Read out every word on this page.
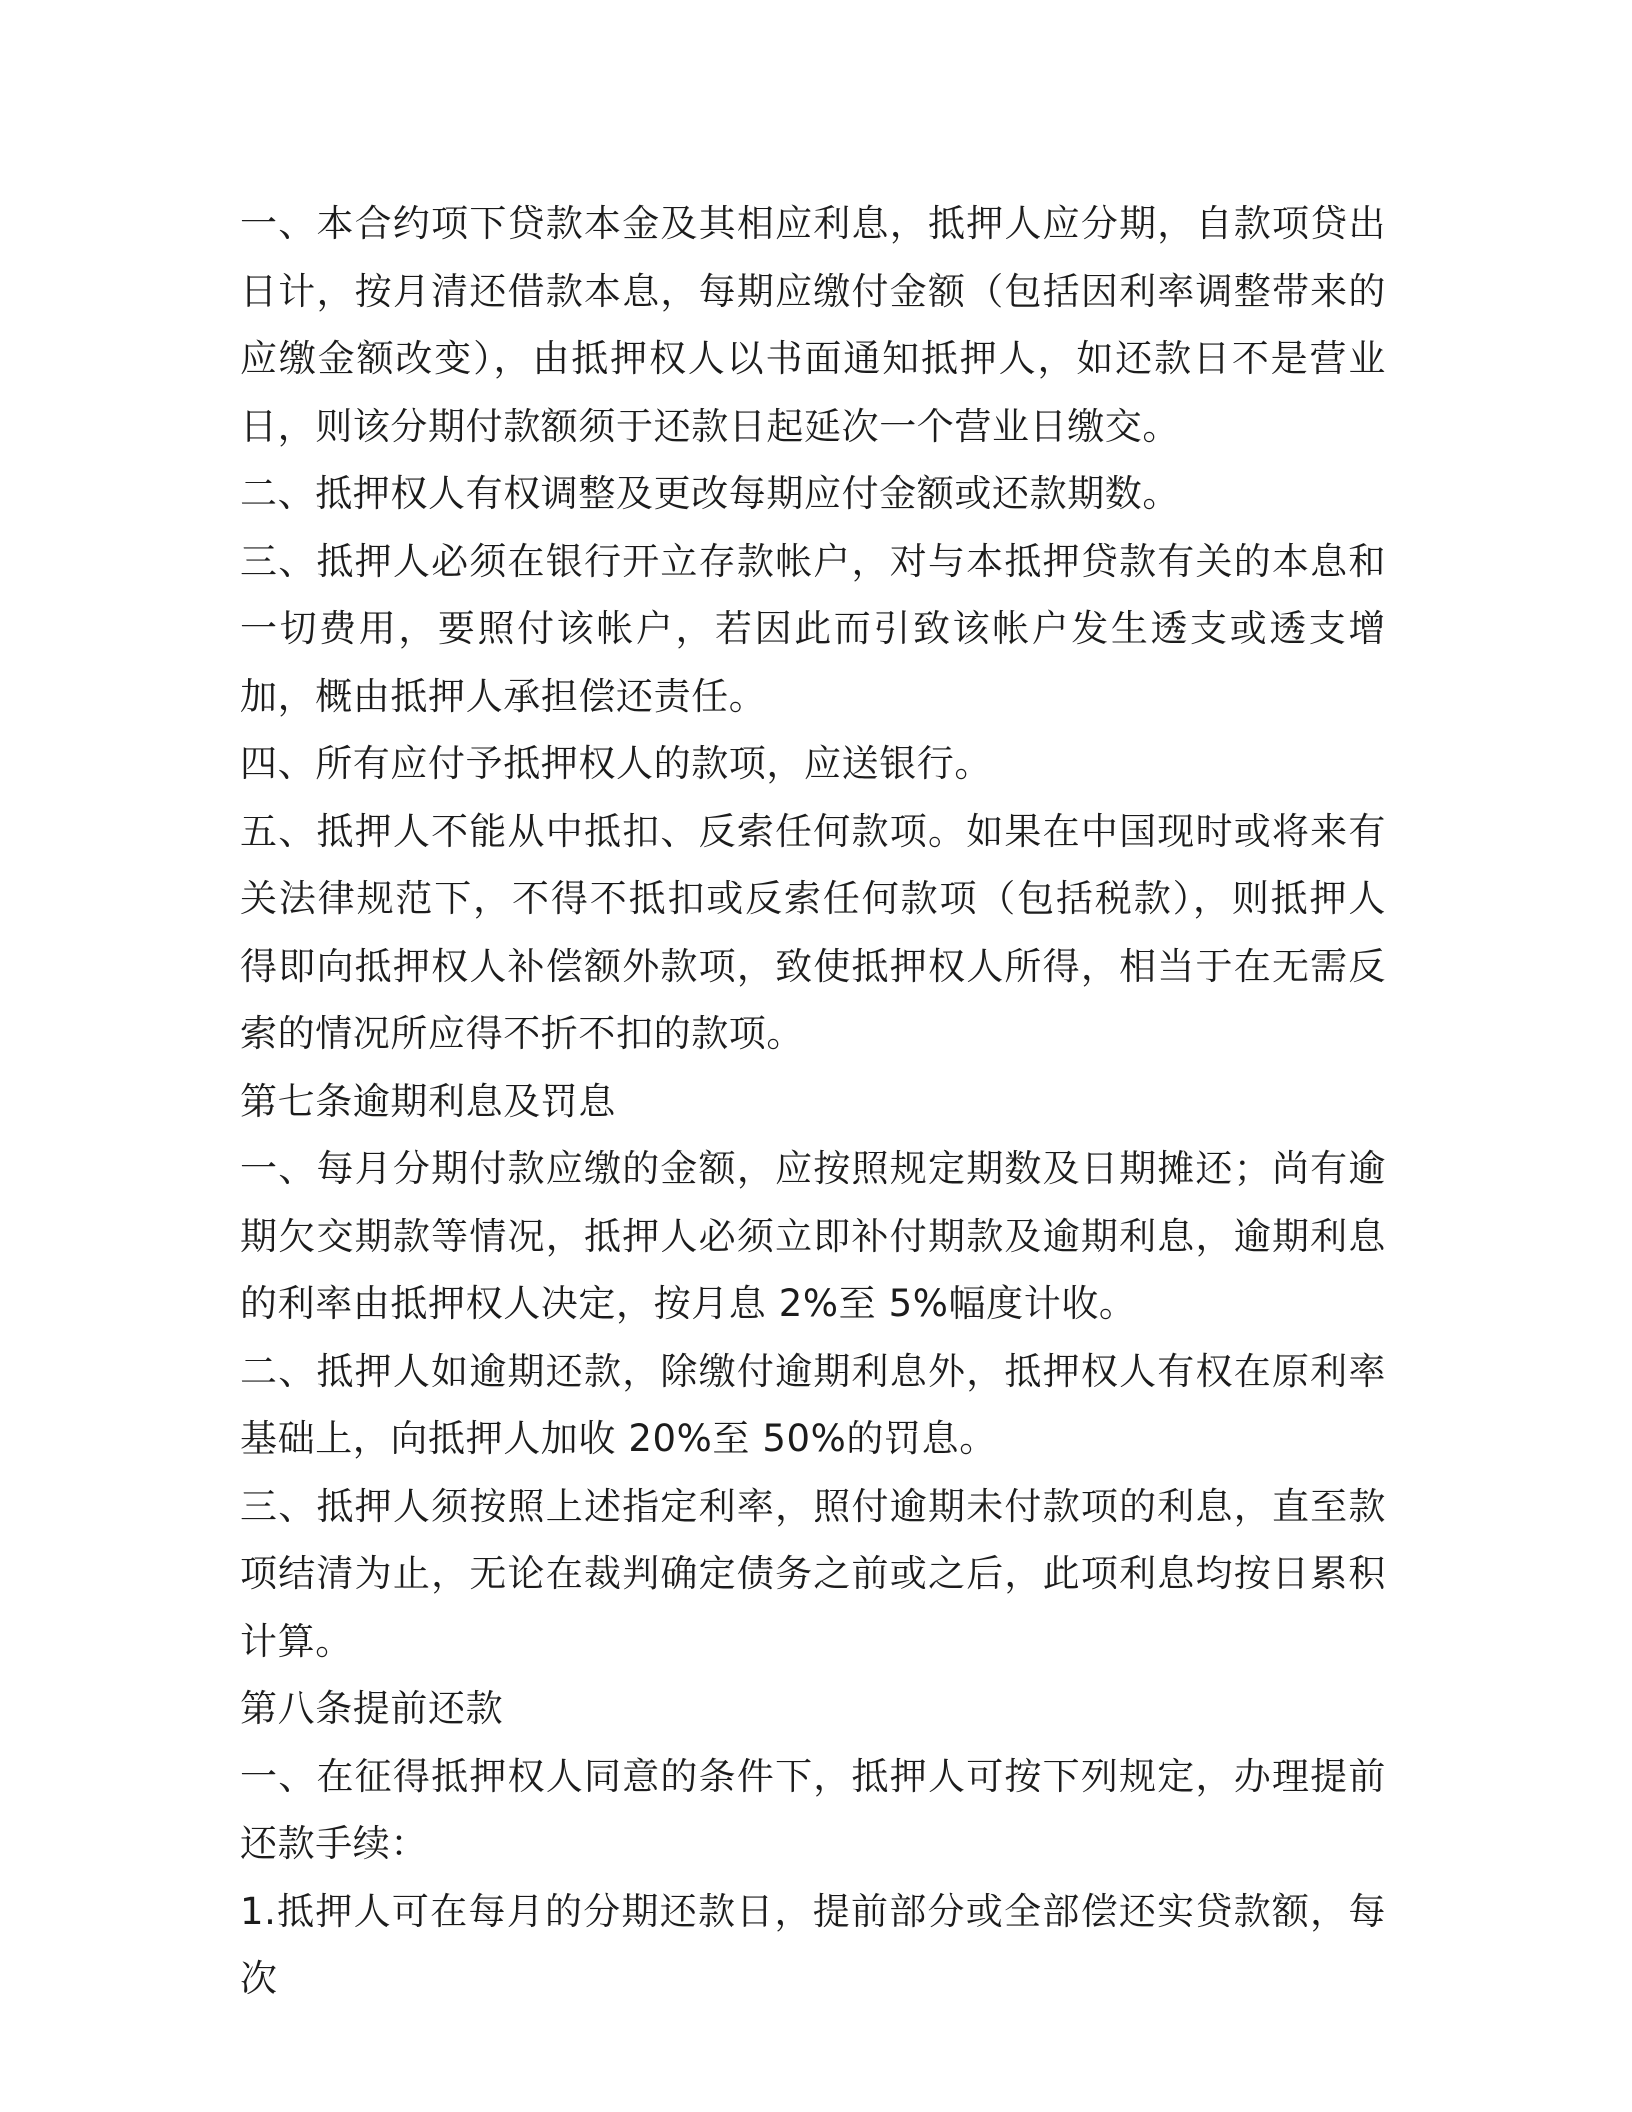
一、本合约项下贷款本金及其相应利息，抵押人应分期，自款项贷出日计，按月清还借款本息，每期应缴付金额（包括因利率调整带来的应缴金额改变），由抵押权人以书面通知抵押人，如还款日不是营业日，则该分期付款额须于还款日起延次一个营业日缴交。

二、抵押权人有权调整及更改每期应付金额或还款期数。

三、抵押人必须在银行开立存款帐户，对与本抵押贷款有关的本息和一切费用，要照付该帐户，若因此而引致该帐户发生透支或透支增加，概由抵押人承担偿还责任。

四、所有应付予抵押权人的款项，应送银行。

五、抵押人不能从中抵扣、反索任何款项。如果在中国现时或将来有关法律规范下，不得不抵扣或反索任何款项（包括税款），则抵押人得即向抵押权人补偿额外款项，致使抵押权人所得，相当于在无需反索的情况所应得不折不扣的款项。

第七条逾期利息及罚息

一、每月分期付款应缴的金额，应按照规定期数及日期摊还；尚有逾期欠交期款等情况，抵押人必须立即补付期款及逾期利息，逾期利息的利率由抵押权人决定，按月息 2%至 5%幅度计收。

二、抵押人如逾期还款，除缴付逾期利息外，抵押权人有权在原利率基础上，向抵押人加收 20%至 50%的罚息。

三、抵押人须按照上述指定利率，照付逾期未付款项的利息，直至款项结清为止，无论在裁判确定债务之前或之后，此项利息均按日累积计算。

第八条提前还款

一、在征得抵押权人同意的条件下，抵押人可按下列规定，办理提前还款手续：

1.抵押人可在每月的分期还款日，提前部分或全部偿还实贷款额，每次
